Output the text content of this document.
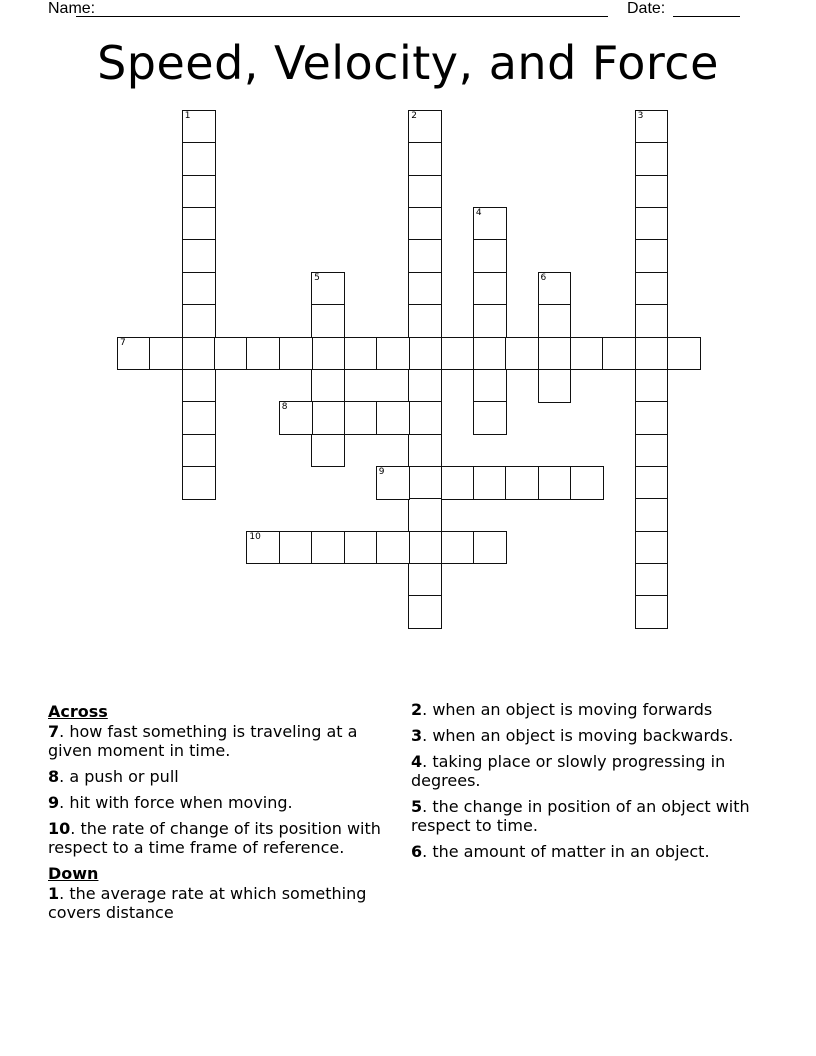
Name:	Date:
Speed, Velocity, and Force
1	2	3
4
5	6
7
8
9
10
Across
7. how fast something is traveling at a given moment in time.
8. a push or pull
9. hit with force when moving.
10. the rate of change of its position with respect to a time frame of reference.
Down
1. the average rate at which something covers distance
2. when an object is moving forwards
3. when an object is moving backwards.
4. taking place or slowly progressing in degrees.
5. the change in position of an object with respect to time.
6. the amount of matter in an object.
